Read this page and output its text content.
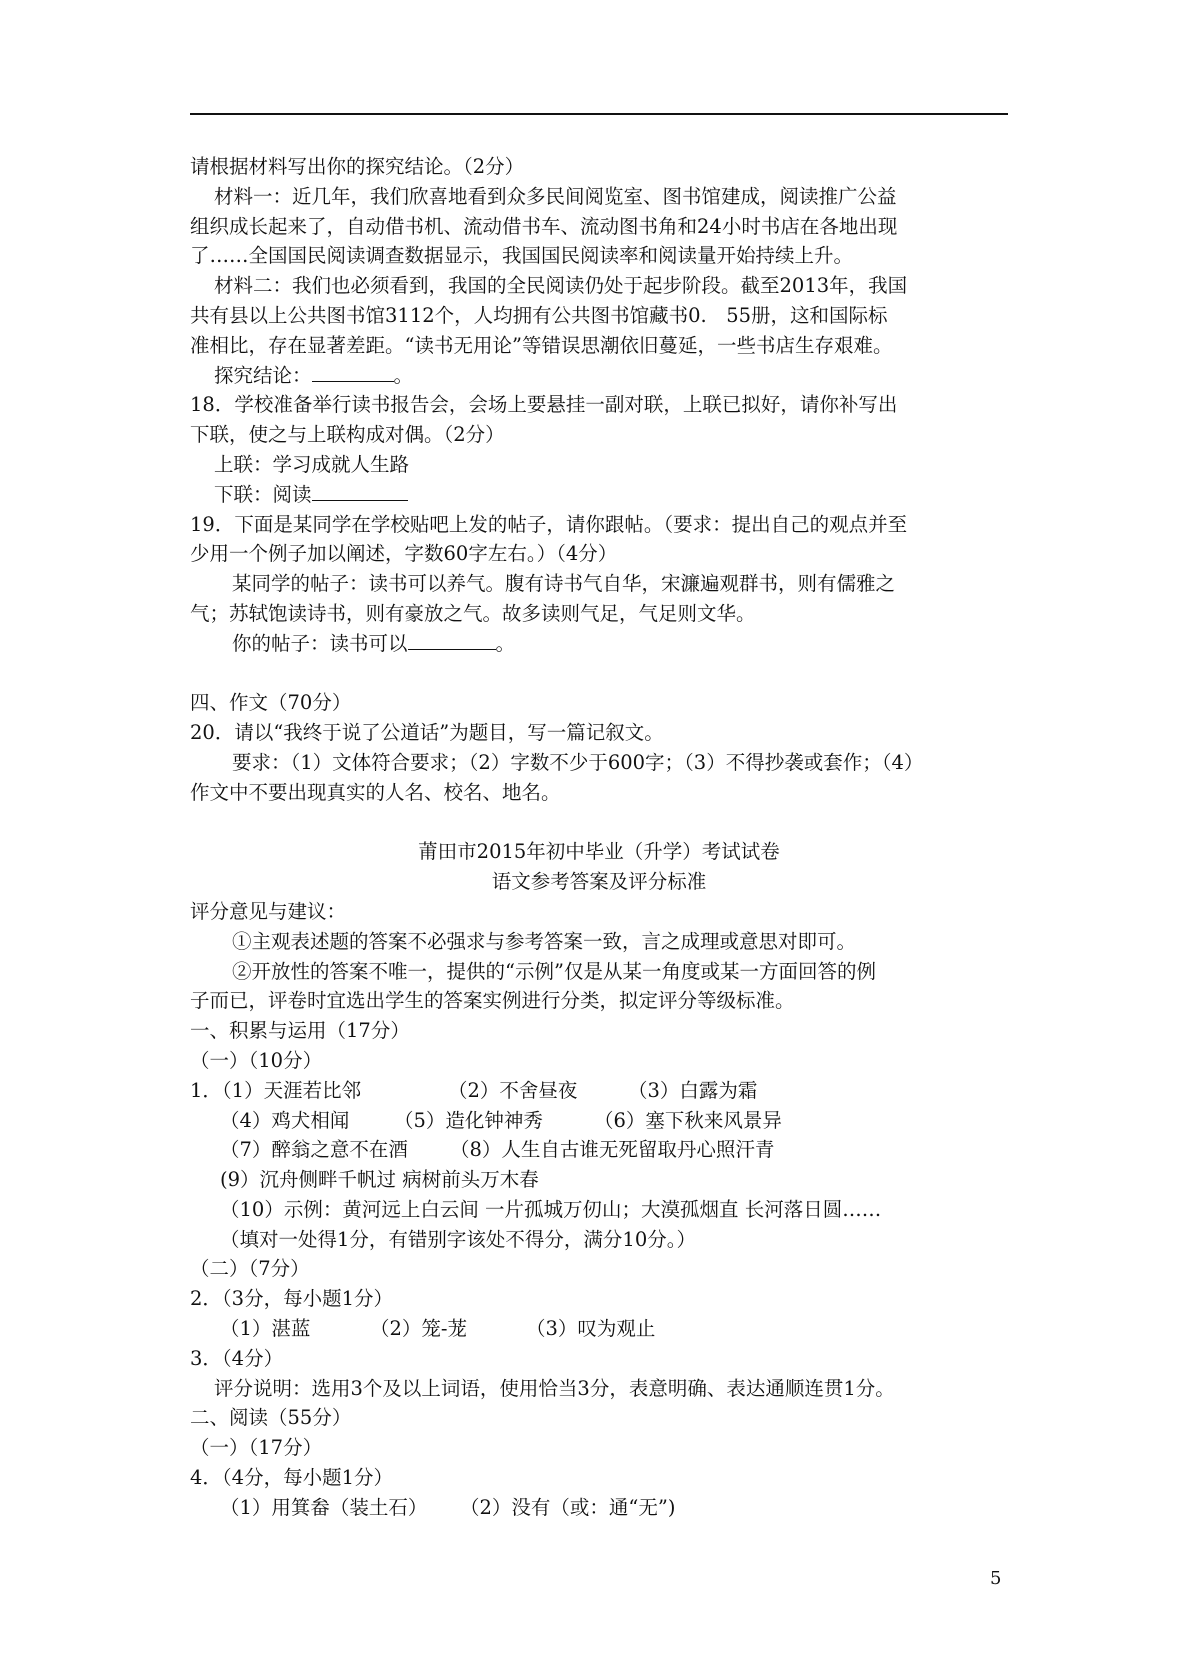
请根据材料写出你的探究结论。（2分）
材料一：近几年，我们欣喜地看到众多民间阅览室、图书馆建成，阅读推广公益
组织成长起来了，自动借书机、流动借书车、流动图书角和24小时书店在各地出现
了……全国国民阅读调查数据显示，我国国民阅读率和阅读量开始持续上升。
材料二：我们也必须看到，我国的全民阅读仍处于起步阶段。截至2013年，我国
共有县以上公共图书馆3112个，人均拥有公共图书馆藏书0.　55册，这和国际标
准相比，存在显著差距。“读书无用论”等错误思潮依旧蔓延，一些书店生存艰难。
探究结论：	。
18．学校准备举行读书报告会，会场上要悬挂一副对联，上联已拟好，请你补写出
下联，使之与上联构成对偶。（2分）
上联：学习成就人生路
下联：阅读
19．下面是某同学在学校贴吧上发的帖子，请你跟帖。（要求：提出自己的观点并至
少用一个例子加以阐述，字数60字左右。）（4分）
某同学的帖子：读书可以养气。腹有诗书气自华，宋濂遍观群书，则有儒雅之
气；苏轼饱读诗书，则有豪放之气。故多读则气足，气足则文华。
你的帖子：读书可以	。
四、作文（70分）
20．请以“我终于说了公道话”为题目，写一篇记叙文。
要求：（1）文体符合要求；（2）字数不少于600字；（3）不得抄袭或套作；（4）
作文中不要出现真实的人名、校名、地名。
莆田市2015年初中毕业（升学）考试试卷
语文参考答案及评分标准
评分意见与建议：
①主观表述题的答案不必强求与参考答案一致，言之成理或意思对即可。
②开放性的答案不唯一，提供的“示例”仅是从某一角度或某一方面回答的例
子而已，评卷时宜选出学生的答案实例进行分类，拟定评分等级标准。
一、积累与运用（17分）
（一）（10分）
1．（1）天涯若比邻	（2）不舍昼夜	（3）白露为霜
（4）鸡犬相闻 （5）造化钟神秀	（6）塞下秋来风景异
（7）醉翁之意不在酒 （8）人生自古谁无死留取丹心照汗青
(9）沉舟侧畔千帆过 病树前头万木春
（10）示例：黄河远上白云间 一片孤城万仞山；大漠孤烟直 长河落日圆……
（填对一处得1分，有错别字该处不得分，满分10分。）
（二）（7分）
2．（3分，每小题1分）
（1）湛蓝	（2）笼-茏	（3）叹为观止
3．（4分）
评分说明：选用3个及以上词语，使用恰当3分，表意明确、表达通顺连贯1分。
二、阅读（55分）
（一）（17分）
4．（4分，每小题1分）
（1）用箕畚（装土石） （2）没有（或：通“无”)
5
